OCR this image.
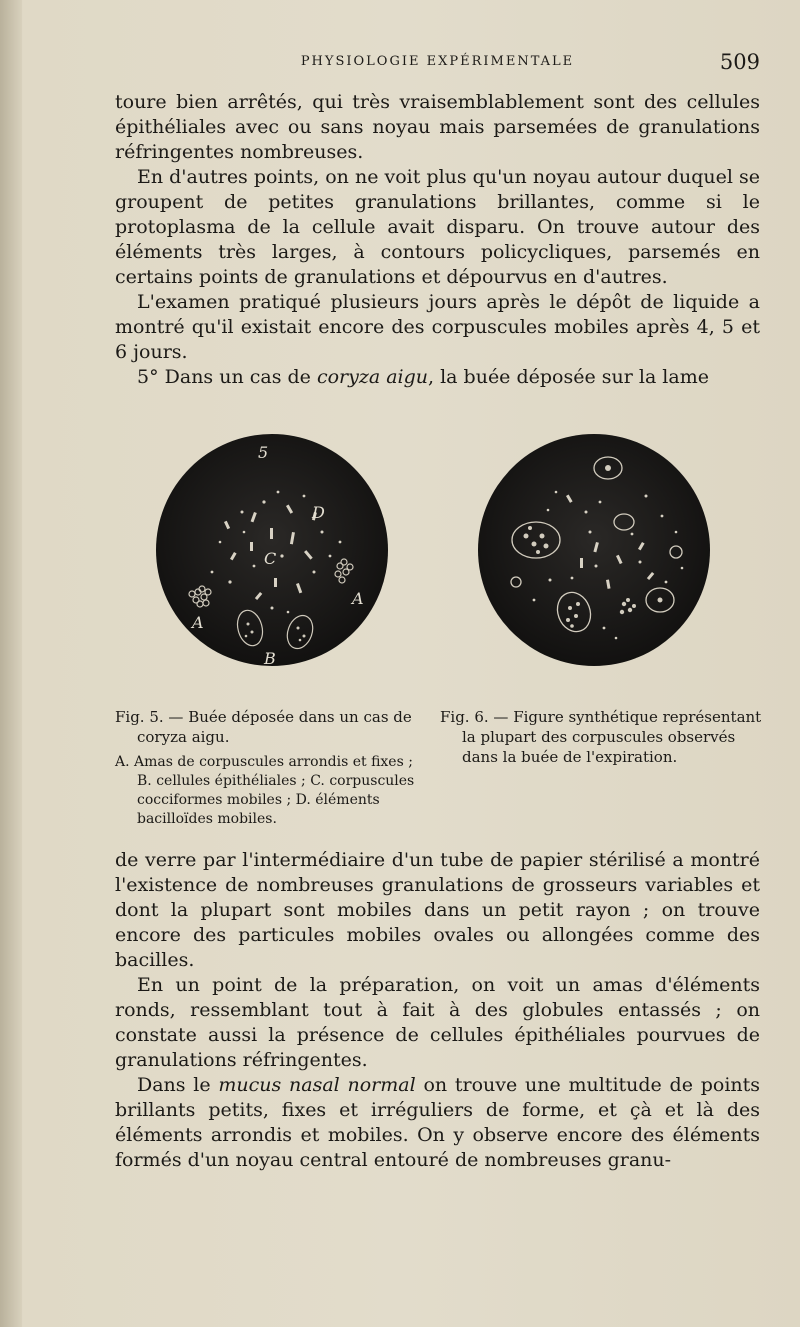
PHYSIOLOGIE EXPÉRIMENTALE	509

toure bien arrêtés, qui très vraisemblablement sont des cellules épithéliales avec ou sans noyau mais parsemées de granulations réfringentes nombreuses.

En d'autres points, on ne voit plus qu'un noyau autour duquel se groupent de petites granulations brillantes, comme si le protoplasma de la cellule avait disparu. On trouve autour des éléments très larges, à contours policycliques, parsemés en certains points de granulations et dépourvus en d'autres.

L'examen pratiqué plusieurs jours après le dépôt de liquide a montré qu'il existait encore des corpuscules mobiles après 4, 5 et 6 jours.

5° Dans un cas de coryza aigu, la buée déposée sur la lame

5
D
C
A
A
B

Fig. 5. — Buée déposée dans un cas de coryza aigu.

A. Amas de corpuscules arrondis et fixes ; B. cellules épithéliales ; C. corpuscules cocciformes mobiles ; D. éléments bacilloïdes mobiles.

Fig. 6. — Figure synthétique représentant la plupart des corpuscules observés dans la buée de l'expiration.

de verre par l'intermédiaire d'un tube de papier stérilisé a montré l'existence de nombreuses granulations de grosseurs variables et dont la plupart sont mobiles dans un petit rayon ; on trouve encore des particules mobiles ovales ou allongées comme des bacilles.

En un point de la préparation, on voit un amas d'éléments ronds, ressemblant tout à fait à des globules entassés ; on constate aussi la présence de cellules épithéliales pourvues de granulations réfringentes.

Dans le mucus nasal normal on trouve une multitude de points brillants petits, fixes et irréguliers de forme, et çà et là des éléments arrondis et mobiles. On y observe encore des éléments formés d'un noyau central entouré de nombreuses granu-
